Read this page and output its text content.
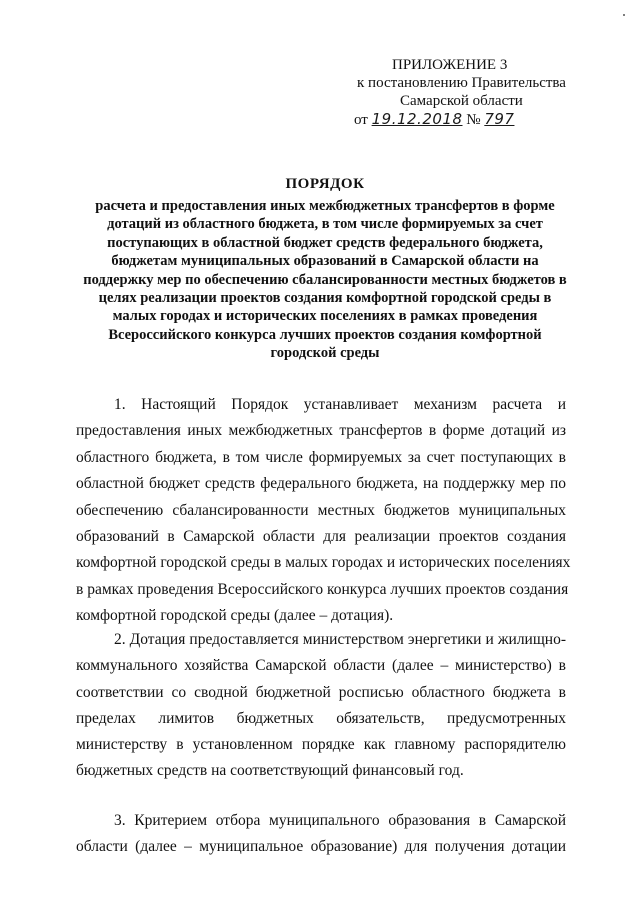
ПРИЛОЖЕНИЕ 3
к постановлению Правительства
Самарской области
от 19.12.2018 № 797
ПОРЯДОК
расчета и предоставления иных межбюджетных трансфертов в форме
дотаций из областного бюджета, в том числе формируемых за счет
поступающих в областной бюджет средств федерального бюджета,
бюджетам муниципальных образований в Самарской области на
поддержку мер по обеспечению сбалансированности местных бюджетов в
целях реализации проектов создания комфортной городской среды в
малых городах и исторических поселениях в рамках проведения
Всероссийского конкурса лучших проектов создания комфортной
городской среды
1. Настоящий Порядок устанавливает механизм расчета и
предоставления иных межбюджетных трансфертов в форме дотаций из
областного бюджета, в том числе формируемых за счет поступающих в
областной бюджет средств федерального бюджета, на поддержку мер по
обеспечению сбалансированности местных бюджетов муниципальных
образований в Самарской области для реализации проектов создания
комфортной городской среды в малых городах и исторических поселениях
в рамках проведения Всероссийского конкурса лучших проектов создания
комфортной городской среды (далее – дотация).
2. Дотация предоставляется министерством энергетики и жилищно-
коммунального хозяйства Самарской области (далее – министерство) в
соответствии со сводной бюджетной росписью областного бюджета в
пределах лимитов бюджетных обязательств, предусмотренных
министерству в установленном порядке как главному распорядителю
бюджетных средств на соответствующий финансовый год.
3. Критерием отбора муниципального образования в Самарской
области (далее – муниципальное образование) для получения дотации
